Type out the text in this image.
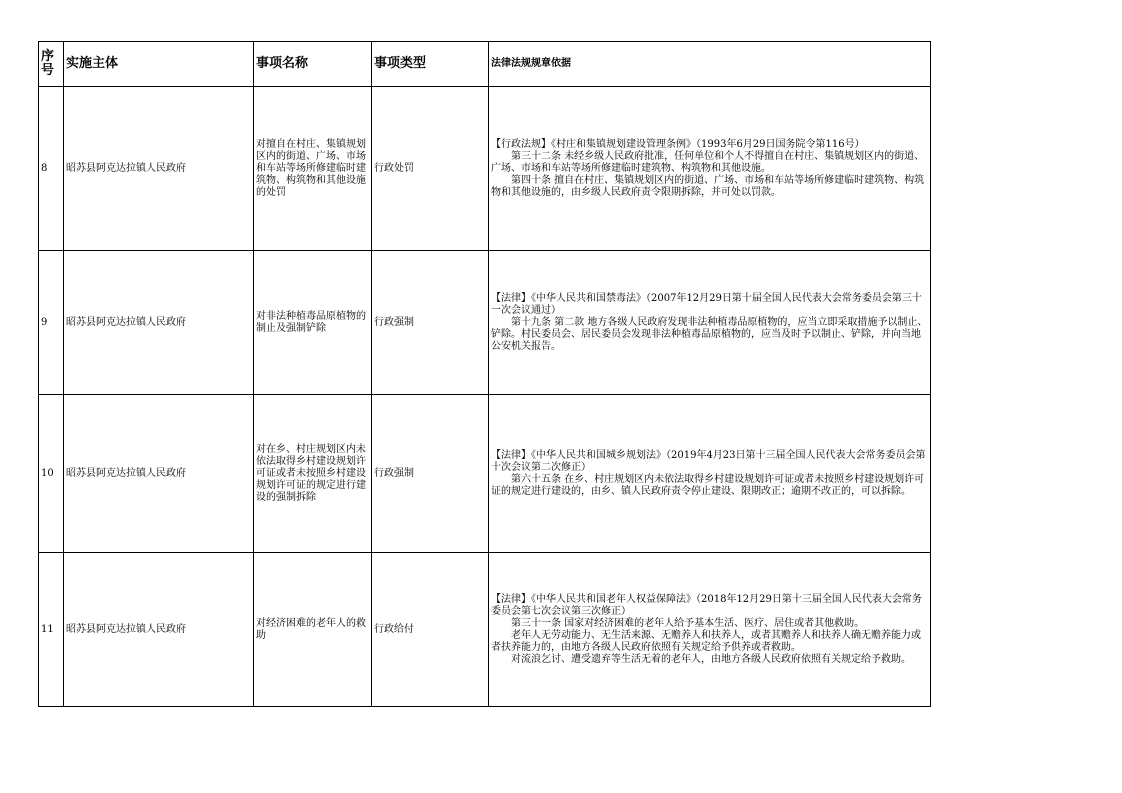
序号	实施主体	事项名称	事项类型	法律法规规章依据
8	昭苏县阿克达拉镇人民政府	对擅自在村庄、集镇规划区内的街道、广场、市场和车站等场所修建临时建筑物、构筑物和其他设施的处罚	行政处罚	【行政法规】《村庄和集镇规划建设管理条例》（1993年6月29日国务院令第116号）

第三十二条 未经乡级人民政府批准，任何单位和个人不得擅自在村庄、集镇规划区内的街道、广场、市场和车站等场所修建临时建筑物、构筑物和其他设施。

第四十条 擅自在村庄、集镇规划区内的街道、广场、市场和车站等场所修建临时建筑物、构筑物和其他设施的，由乡级人民政府责令限期拆除，并可处以罚款。

9	昭苏县阿克达拉镇人民政府	对非法种植毒品原植物的制止及强制铲除	行政强制	【法律】《中华人民共和国禁毒法》（2007年12月29日第十届全国人民代表大会常务委员会第三十一次会议通过）

第十九条 第二款 地方各级人民政府发现非法种植毒品原植物的，应当立即采取措施予以制止、铲除。村民委员会、居民委员会发现非法种植毒品原植物的，应当及时予以制止、铲除，并向当地公安机关报告。

10	昭苏县阿克达拉镇人民政府	对在乡、村庄规划区内未依法取得乡村建设规划许可证或者未按照乡村建设规划许可证的规定进行建设的强制拆除	行政强制	【法律】《中华人民共和国城乡规划法》（2019年4月23日第十三届全国人民代表大会常务委员会第十次会议第二次修正）

第六十五条 在乡、村庄规划区内未依法取得乡村建设规划许可证或者未按照乡村建设规划许可证的规定进行建设的，由乡、镇人民政府责令停止建设、限期改正；逾期不改正的，可以拆除。

11	昭苏县阿克达拉镇人民政府	对经济困难的老年人的救助	行政给付	【法律】《中华人民共和国老年人权益保障法》（2018年12月29日第十三届全国人民代表大会常务委员会第七次会议第三次修正）

第三十一条 国家对经济困难的老年人给予基本生活、医疗、居住或者其他救助。

老年人无劳动能力、无生活来源、无赡养人和扶养人，或者其赡养人和扶养人确无赡养能力或者扶养能力的，由地方各级人民政府依照有关规定给予供养或者救助。

对流浪乞讨、遭受遗弃等生活无着的老年人，由地方各级人民政府依照有关规定给予救助。
